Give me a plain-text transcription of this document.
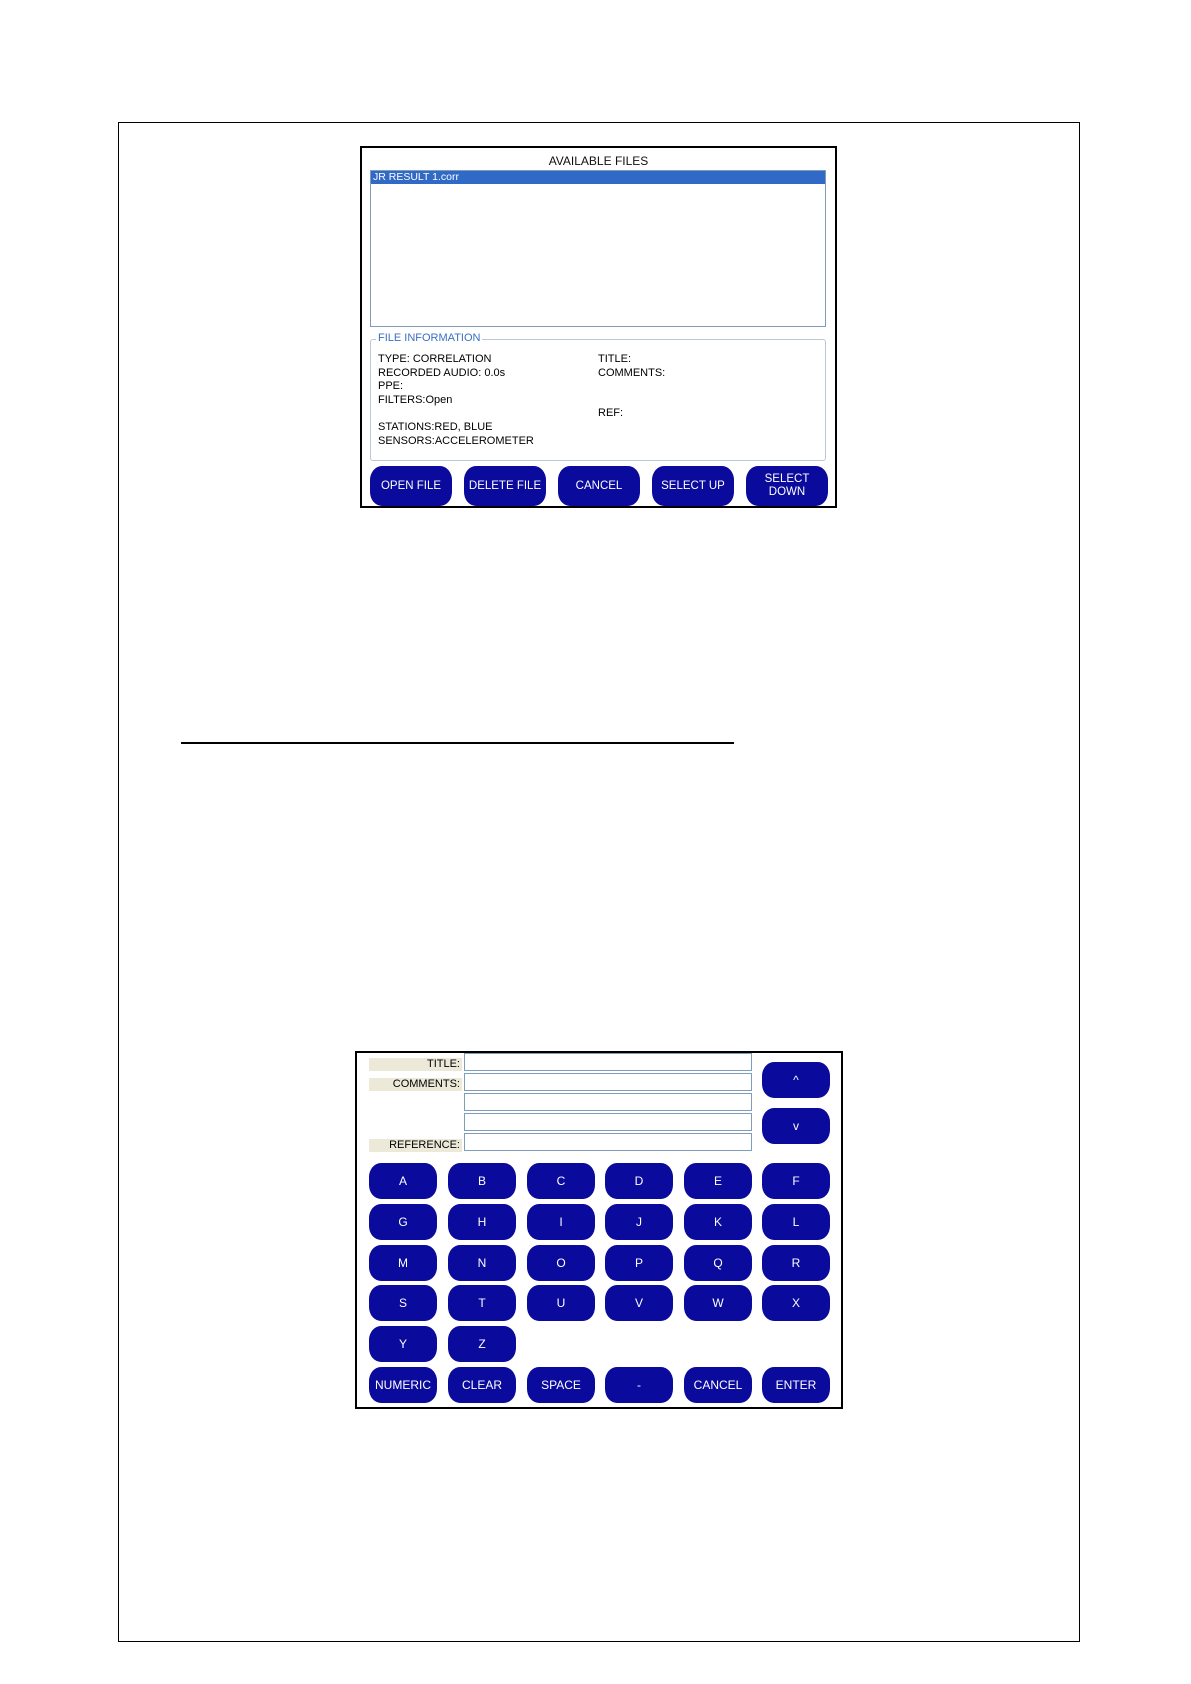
AVAILABLE FILES
JR RESULT 1.corr
FILE INFORMATION
TYPE: CORRELATION
RECORDED AUDIO: 0.0s
PPE:
FILTERS:Open

STATIONS:RED, BLUE
SENSORS:ACCELEROMETER
TITLE:
COMMENTS:

REF:
OPEN FILE	DELETE FILE	CANCEL	SELECT UP
SELECT
DOWN
TITLE:
COMMENTS:
REFERENCE:
^
v
A	B	C	D	E	F
G	H	I	J	K	L
M	N	O	P	Q	R
S	T	U	V	W	X
Y	Z
NUMERIC	CLEAR	SPACE	-	CANCEL	ENTER
